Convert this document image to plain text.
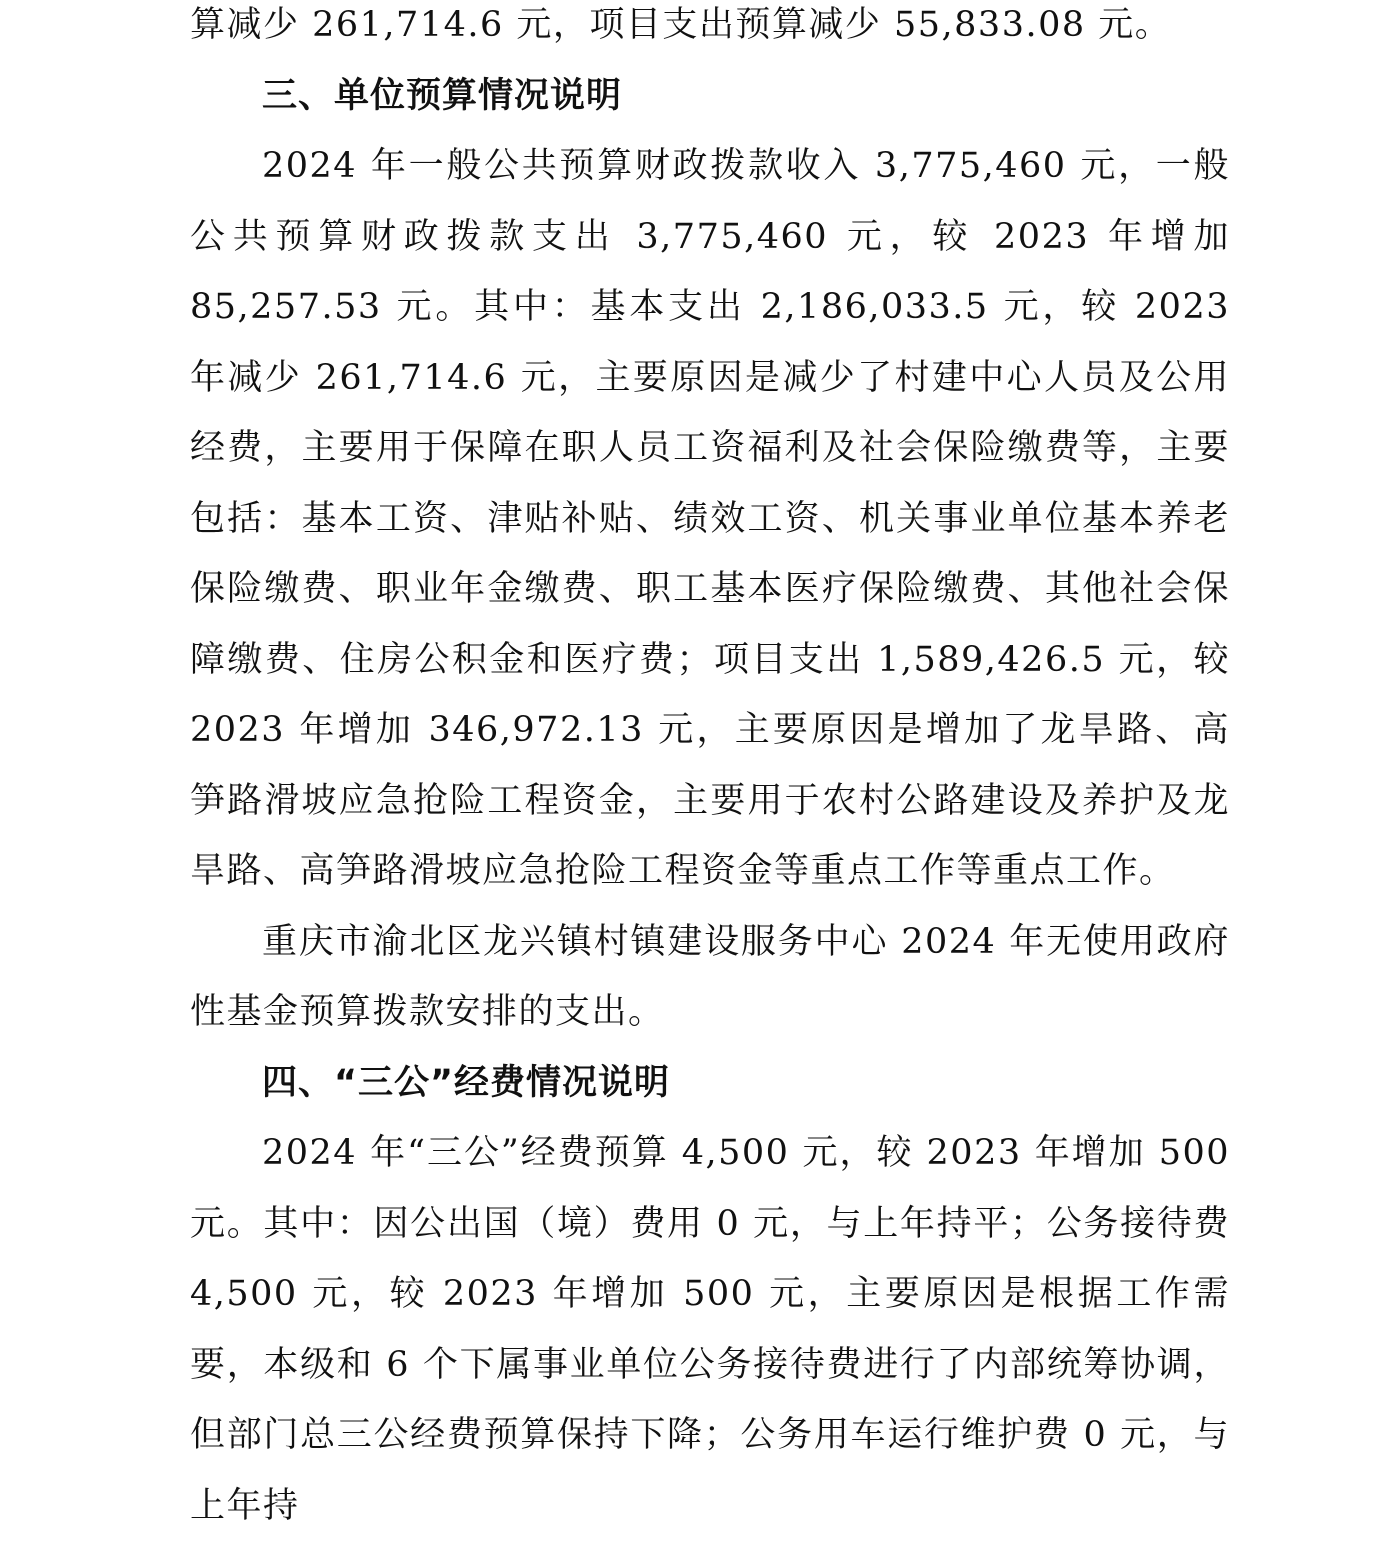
算减少 261,714.6 元，项目支出预算减少 55,833.08 元。

三、单位预算情况说明

2024 年一般公共预算财政拨款收入 3,775,460 元，一般公共预算财政拨款支出 3,775,460 元，较 2023 年增加 85,257.53 元。其中：基本支出 2,186,033.5 元，较 2023 年减少 261,714.6 元，主要原因是减少了村建中心人员及公用经费，主要用于保障在职人员工资福利及社会保险缴费等，主要包括：基本工资、津贴补贴、绩效工资、机关事业单位基本养老保险缴费、职业年金缴费、职工基本医疗保险缴费、其他社会保障缴费、住房公积金和医疗费；项目支出 1,589,426.5 元，较 2023 年增加 346,972.13 元，主要原因是增加了龙旱路、高笋路滑坡应急抢险工程资金，主要用于农村公路建设及养护及龙旱路、高笋路滑坡应急抢险工程资金等重点工作等重点工作。

重庆市渝北区龙兴镇村镇建设服务中心 2024 年无使用政府性基金预算拨款安排的支出。

四、“三公”经费情况说明

2024 年“三公”经费预算 4,500 元，较 2023 年增加 500 元。其中：因公出国（境）费用 0 元，与上年持平；公务接待费 4,500 元，较 2023 年增加 500 元，主要原因是根据工作需要，本级和 6 个下属事业单位公务接待费进行了内部统筹协调，但部门总三公经费预算保持下降；公务用车运行维护费 0 元，与上年持
